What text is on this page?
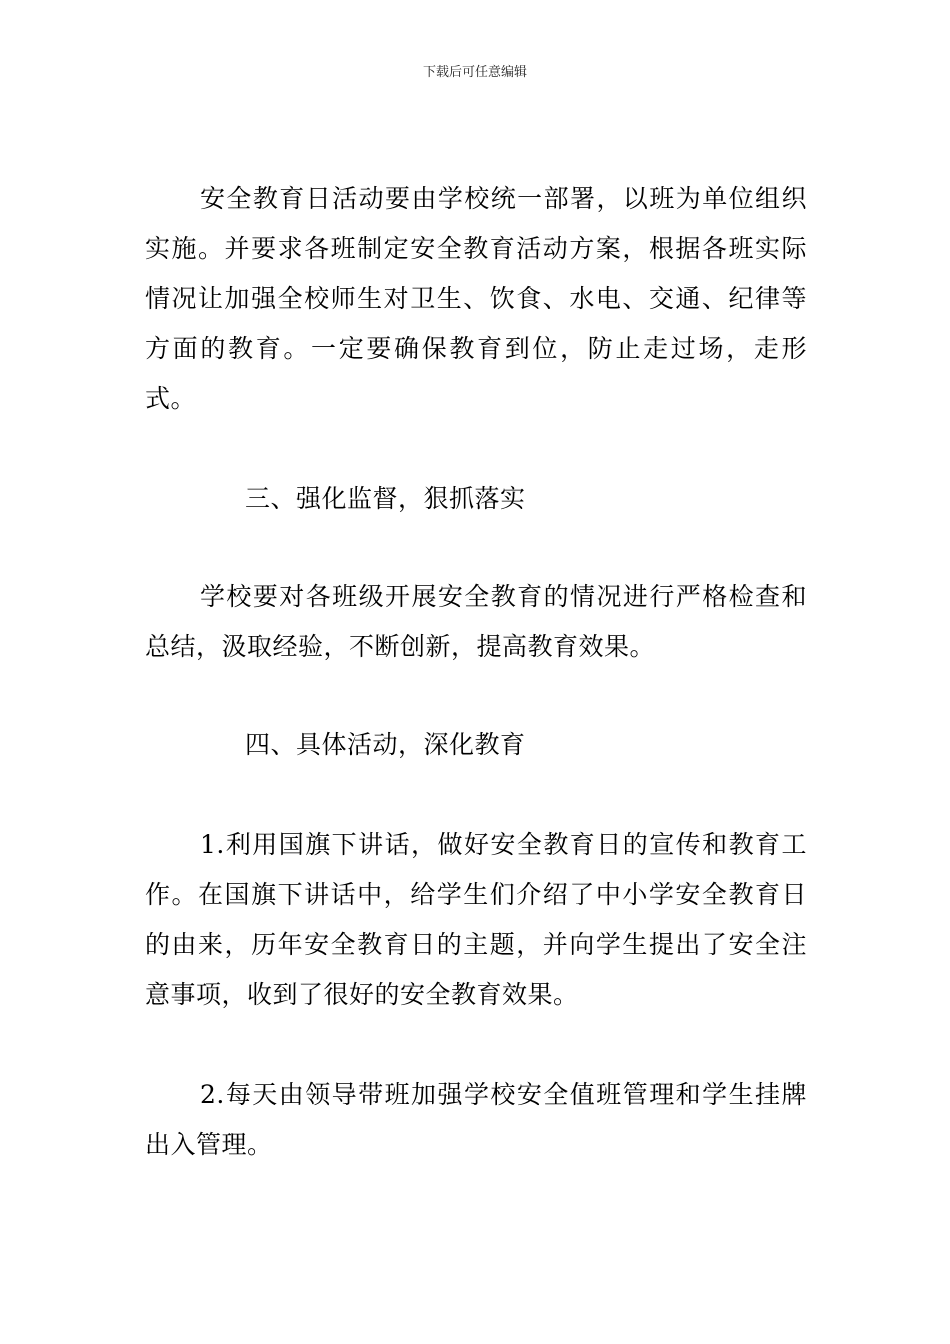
下载后可任意编辑

安全教育日活动要由学校统一部署，以班为单位组织实施。并要求各班制定安全教育活动方案，根据各班实际情况让加强全校师生对卫生、饮食、水电、交通、纪律等方面的教育。一定要确保教育到位，防止走过场，走形式。

三、强化监督，狠抓落实

学校要对各班级开展安全教育的情况进行严格检查和总结，汲取经验，不断创新，提高教育效果。

四、具体活动，深化教育

1.利用国旗下讲话，做好安全教育日的宣传和教育工作。在国旗下讲话中，给学生们介绍了中小学安全教育日的由来，历年安全教育日的主题，并向学生提出了安全注意事项，收到了很好的安全教育效果。

2.每天由领导带班加强学校安全值班管理和学生挂牌出入管理。
